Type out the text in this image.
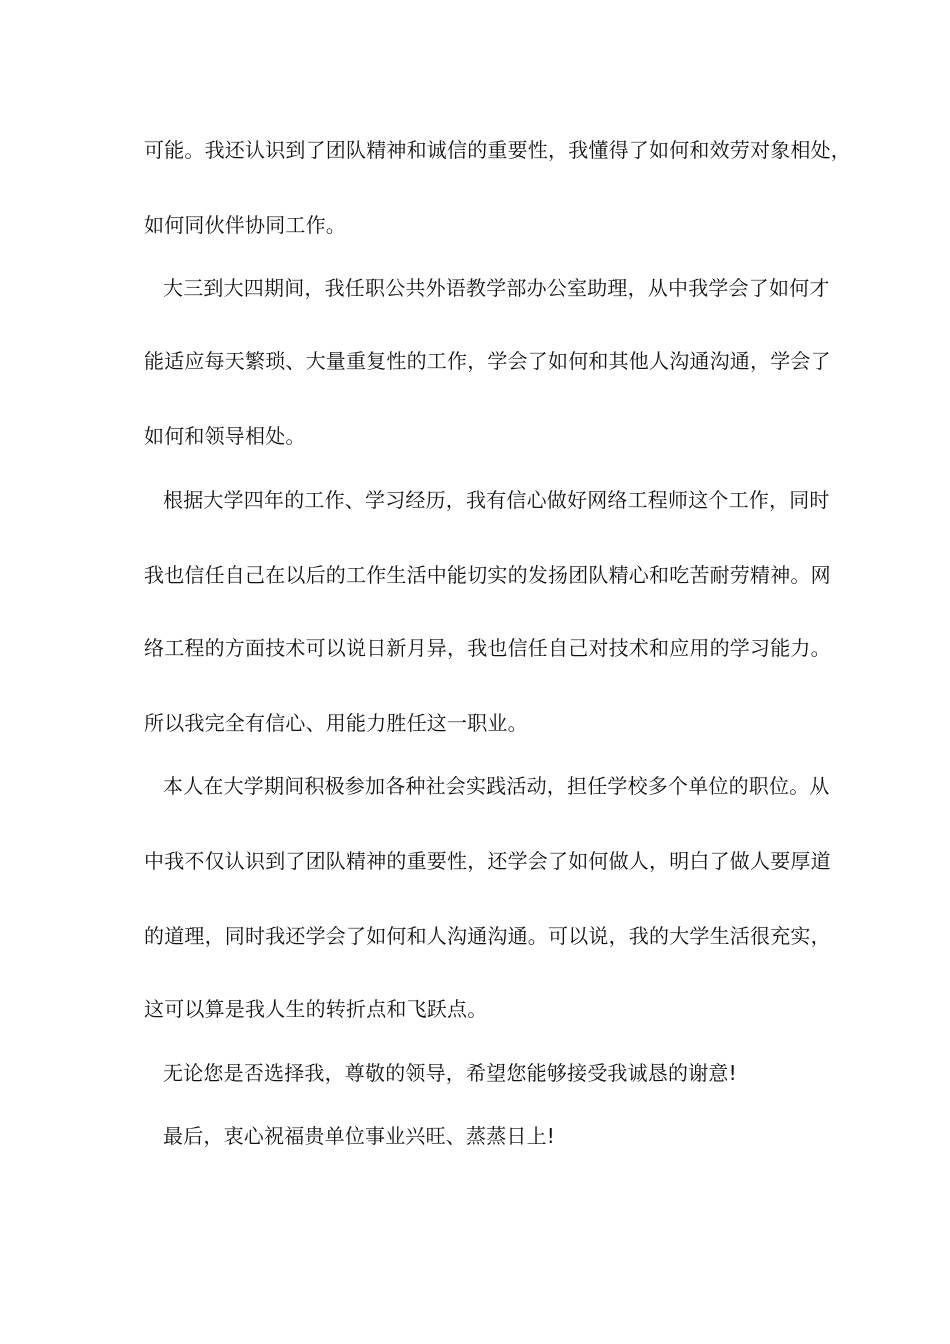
可能。我还认识到了团队精神和诚信的重要性，我懂得了如何和效劳对象相处，
如何同伙伴协同工作。
大三到大四期间，我任职公共外语教学部办公室助理，从中我学会了如何才
能适应每天繁琐、大量重复性的工作，学会了如何和其他人沟通沟通，学会了
如何和领导相处。
根据大学四年的工作、学习经历，我有信心做好网络工程师这个工作，同时
我也信任自己在以后的工作生活中能切实的发扬团队精心和吃苦耐劳精神。网
络工程的方面技术可以说日新月异，我也信任自己对技术和应用的学习能力。
所以我完全有信心、用能力胜任这一职业。
本人在大学期间积极参加各种社会实践活动，担任学校多个单位的职位。从
中我不仅认识到了团队精神的重要性，还学会了如何做人，明白了做人要厚道
的道理，同时我还学会了如何和人沟通沟通。可以说，我的大学生活很充实，
这可以算是我人生的转折点和飞跃点。
无论您是否选择我，尊敬的领导，希望您能够接受我诚恳的谢意!
最后，衷心祝福贵单位事业兴旺、蒸蒸日上!
